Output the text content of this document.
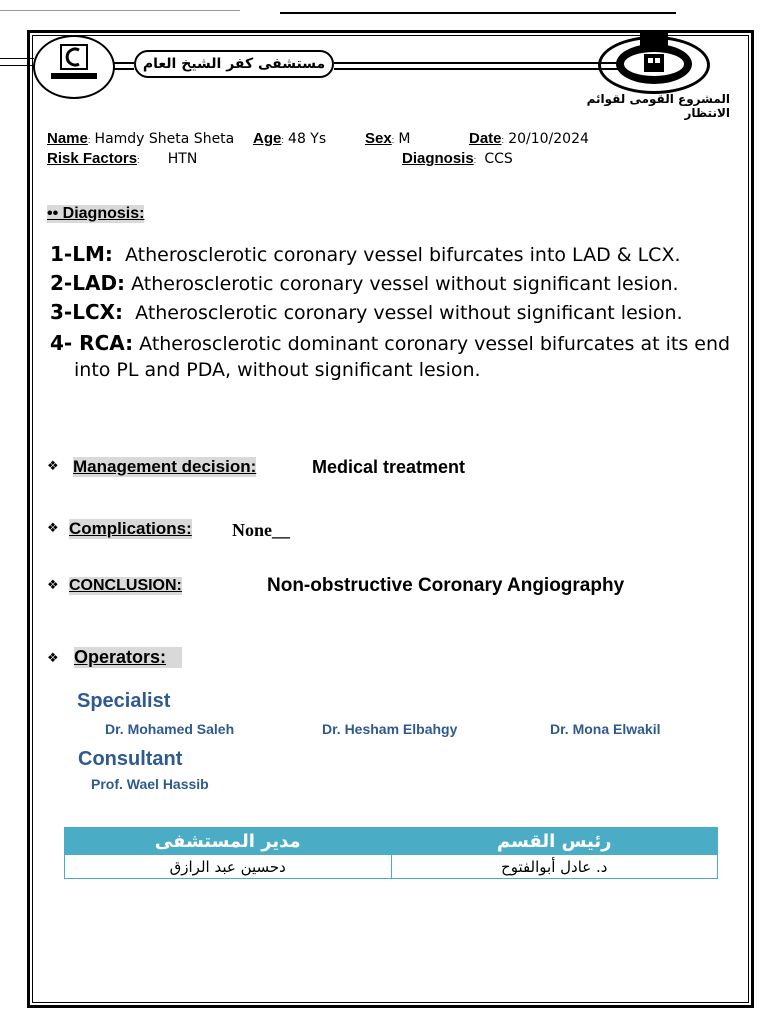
مستشفى كفر الشيخ العام
المشروع القومى لقوائم الانتظار
Name: Hamdy Sheta Sheta Age: 48 Ys	Sex: M	Date: 20/10/2024
Risk Factors: HTN	Diagnosis: CCS
•• Diagnosis:
1-LM: Atherosclerotic coronary vessel bifurcates into LAD & LCX.
2-LAD: Atherosclerotic coronary vessel without significant lesion.
3-LCX: Atherosclerotic coronary vessel without significant lesion.
4- RCA: Atherosclerotic dominant coronary vessel bifurcates at its end
into PL and PDA, without significant lesion.
❖ Management decision:	Medical treatment
❖ Complications: None__
❖ CONCLUSION:	Non-obstructive Coronary Angiography
❖ Operators:
Specialist
Dr. Mohamed Saleh	Dr. Hesham Elbahgy	Dr. Mona Elwakil
Consultant
Prof. Wael Hassib
مدير المستشفى	رئيس القسم
دحسين عبد الرازق	د. عادل أبوالفتوح
